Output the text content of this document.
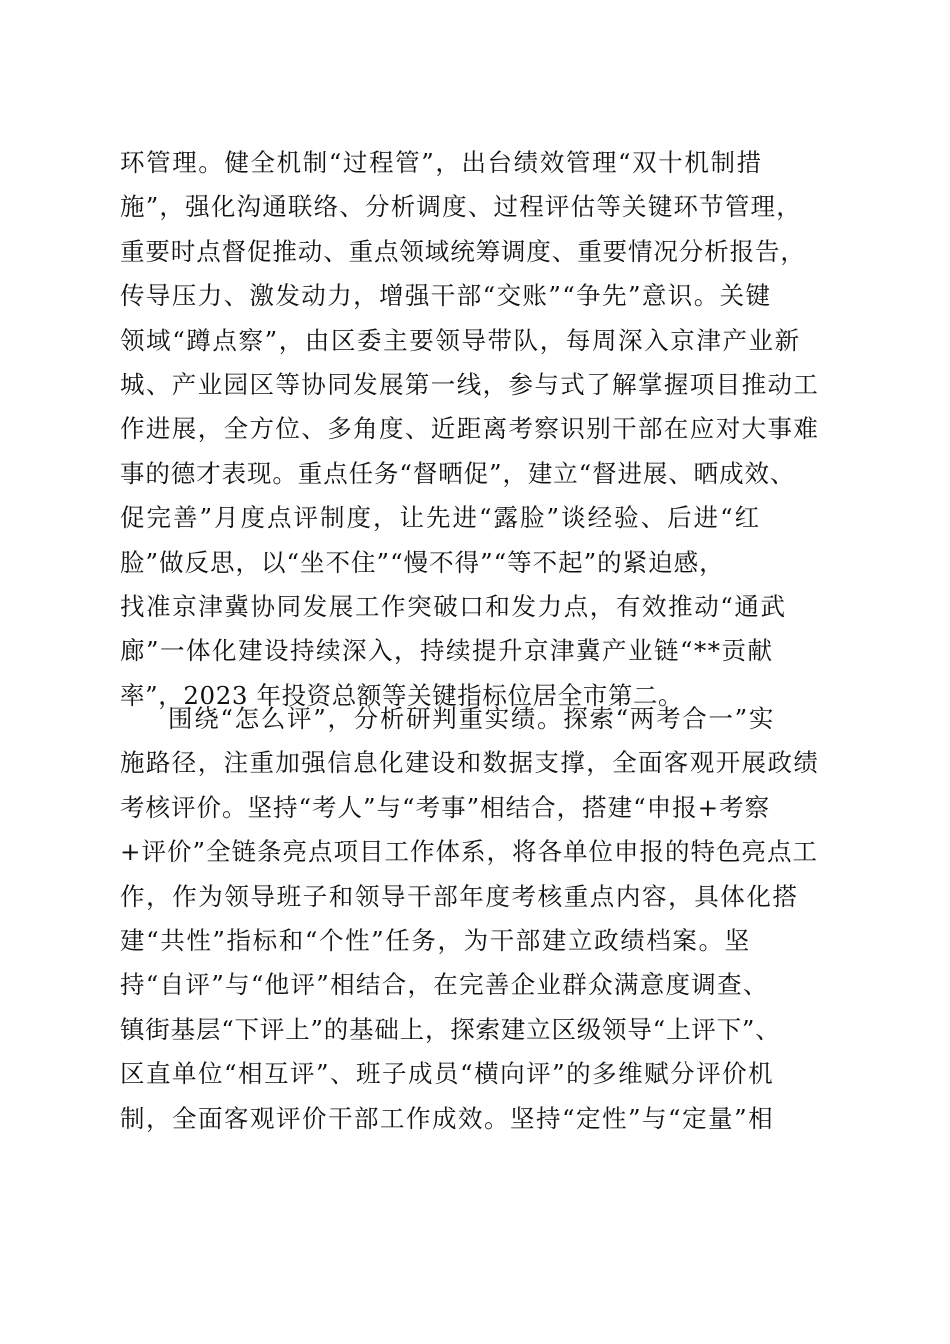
环管理。健全机制“过程管”，出台绩效管理“双十机制措
施”，强化沟通联络、分析调度、过程评估等关键环节管理，
重要时点督促推动、重点领域统筹调度、重要情况分析报告，
传导压力、激发动力，增强干部“交账”“争先”意识。关键
领域“蹲点察”，由区委主要领导带队，每周深入京津产业新
城、产业园区等协同发展第一线，参与式了解掌握项目推动工
作进展，全方位、多角度、近距离考察识别干部在应对大事难
事的德才表现。重点任务“督晒促”，建立“督进展、晒成效、
促完善”月度点评制度，让先进“露脸”谈经验、后进“红
脸”做反思，以“坐不住”“慢不得”“等不起”的紧迫感，
找准京津冀协同发展工作突破口和发力点，有效推动“通武
廊”一体化建设持续深入，持续提升京津冀产业链“**贡献
率”，2023 年投资总额等关键指标位居全市第二。
围绕“怎么评”，分析研判重实绩。探索“两考合一”实
施路径，注重加强信息化建设和数据支撑，全面客观开展政绩
考核评价。坚持“考人”与“考事”相结合，搭建“申报+考察
+评价”全链条亮点项目工作体系，将各单位申报的特色亮点工
作，作为领导班子和领导干部年度考核重点内容，具体化搭
建“共性”指标和“个性”任务，为干部建立政绩档案。坚
持“自评”与“他评”相结合，在完善企业群众满意度调查、
镇街基层“下评上”的基础上，探索建立区级领导“上评下”、
区直单位“相互评”、班子成员“横向评”的多维赋分评价机
制，全面客观评价干部工作成效。坚持“定性”与“定量”相
